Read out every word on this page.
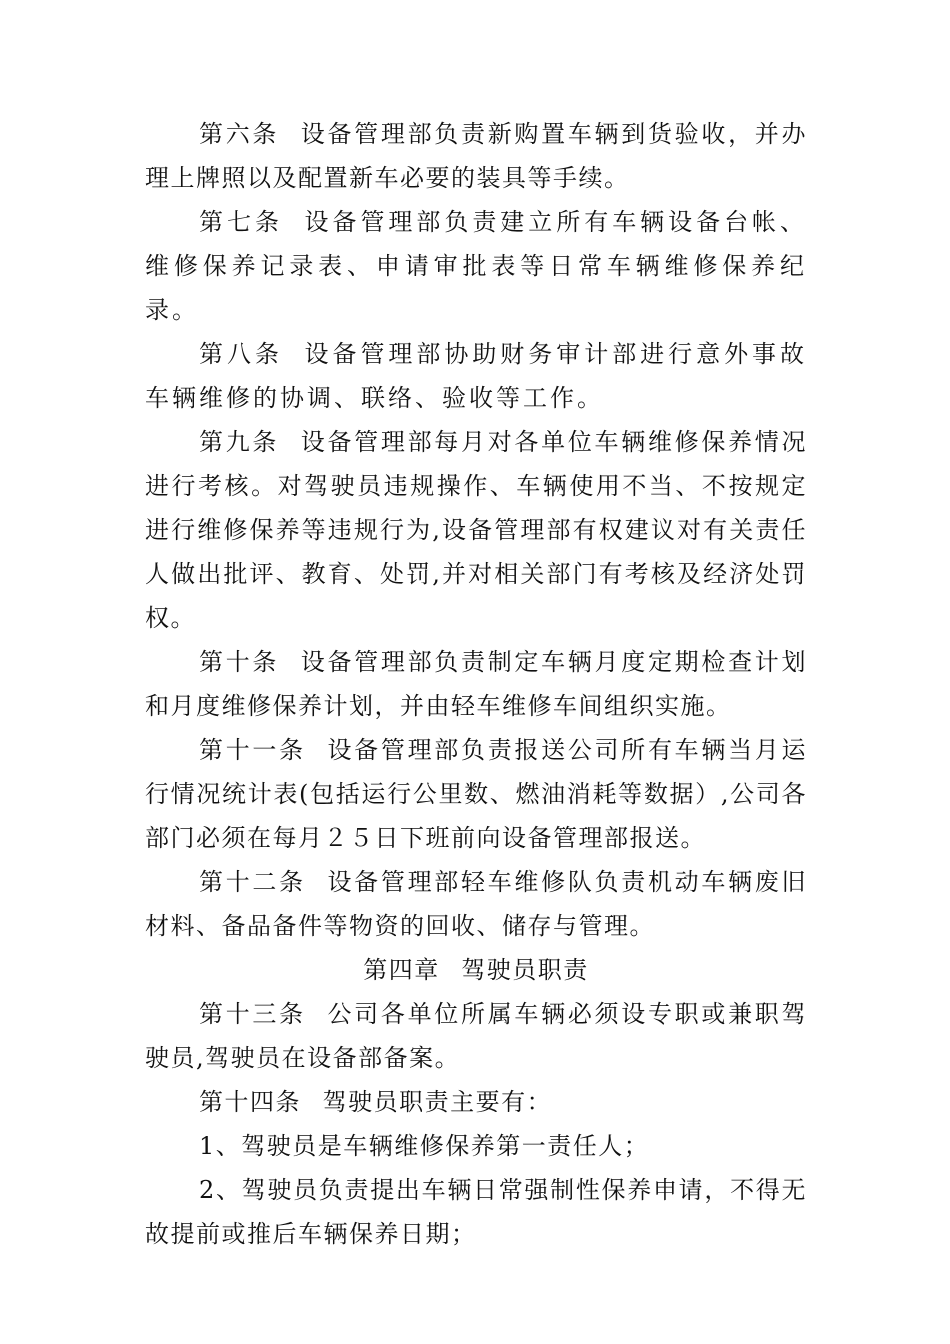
第六条 设备管理部负责新购置车辆到货验收，并办理上牌照以及配置新车必要的装具等手续。

第七条 设备管理部负责建立所有车辆设备台帐、维修保养记录表、申请审批表等日常车辆维修保养纪录。

第八条 设备管理部协助财务审计部进行意外事故车辆维修的协调、联络、验收等工作。

第九条 设备管理部每月对各单位车辆维修保养情况进行考核。对驾驶员违规操作、车辆使用不当、不按规定进行维修保养等违规行为,设备管理部有权建议对有关责任人做出批评、教育、处罚,并对相关部门有考核及经济处罚权。

第十条 设备管理部负责制定车辆月度定期检查计划和月度维修保养计划，并由轻车维修车间组织实施。

第十一条 设备管理部负责报送公司所有车辆当月运行情况统计表(包括运行公里数、燃油消耗等数据）,公司各部门必须在每月２５日下班前向设备管理部报送。

第十二条 设备管理部轻车维修队负责机动车辆废旧材料、备品备件等物资的回收、储存与管理。

第四章 驾驶员职责

第十三条 公司各单位所属车辆必须设专职或兼职驾驶员,驾驶员在设备部备案。

第十四条 驾驶员职责主要有：

1、驾驶员是车辆维修保养第一责任人；

2、驾驶员负责提出车辆日常强制性保养申请，不得无故提前或推后车辆保养日期；
